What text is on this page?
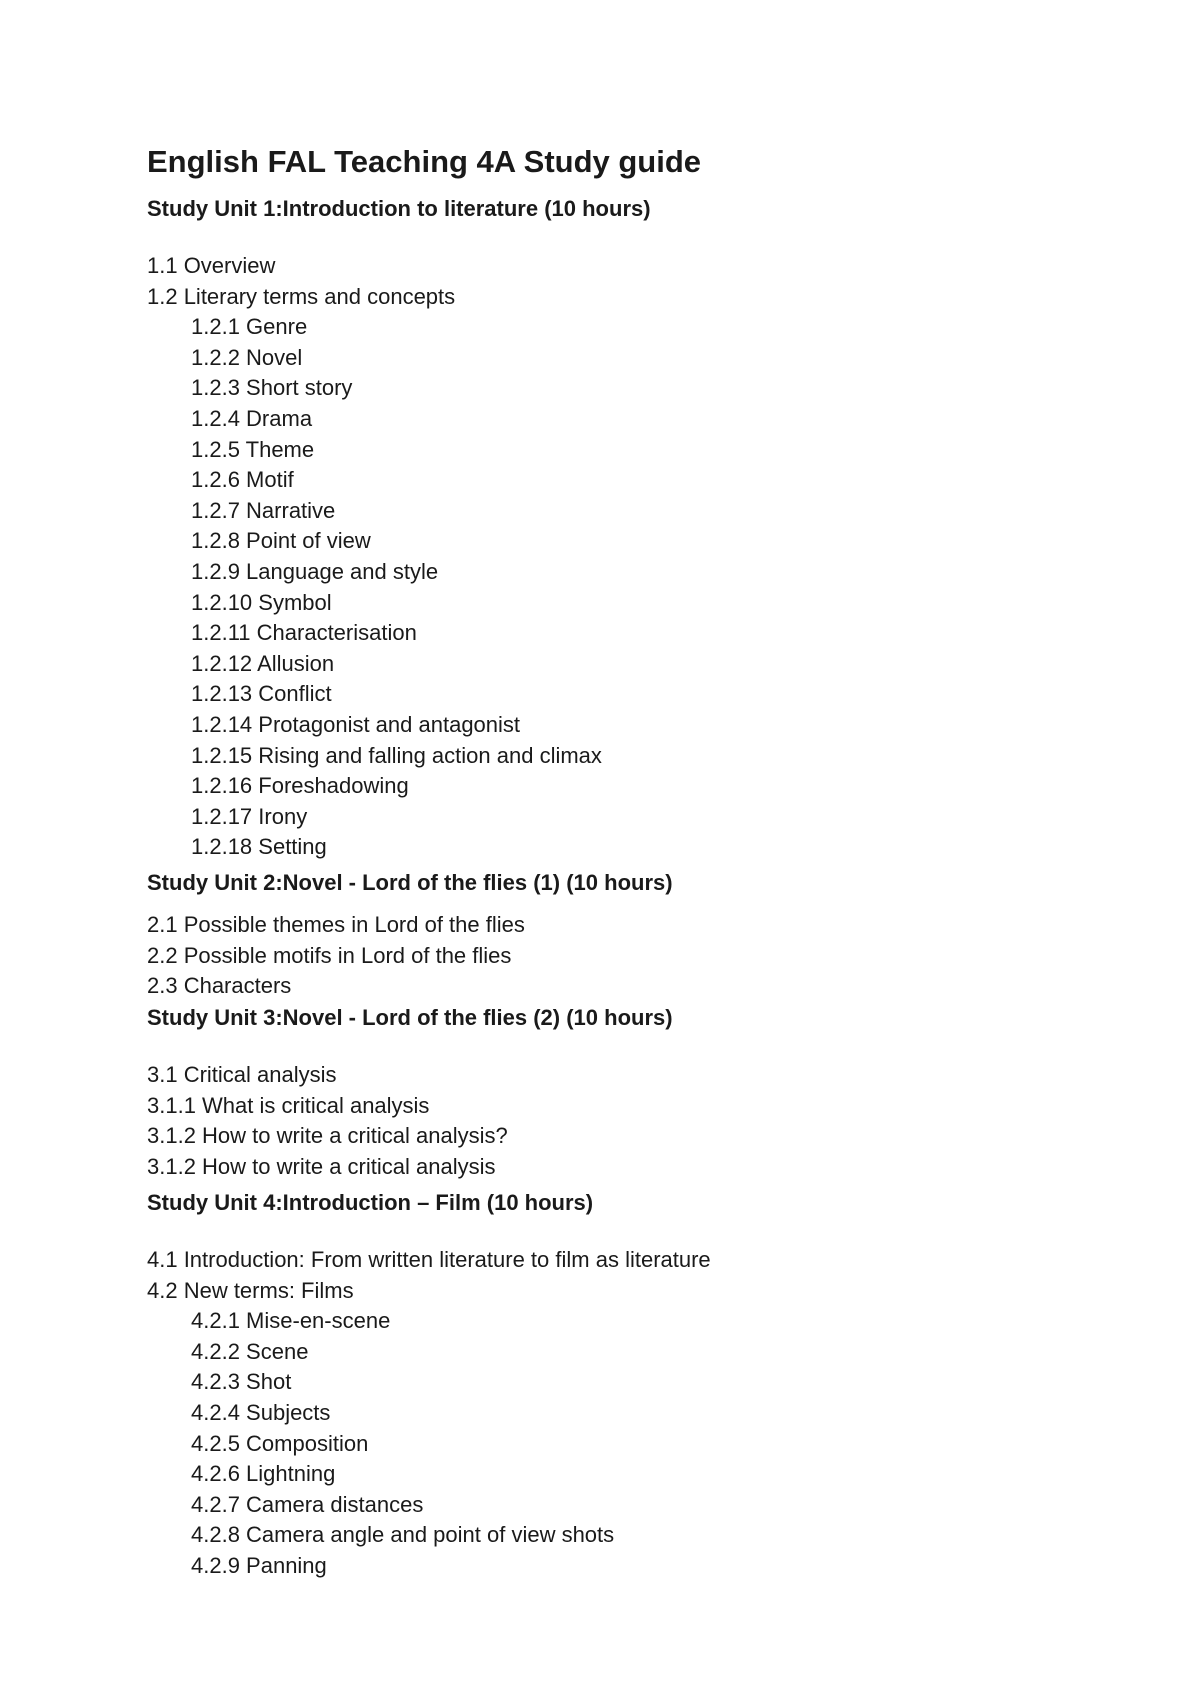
English FAL Teaching 4A Study guide
Study Unit 1:Introduction to literature (10 hours)

1.1 Overview

1.2 Literary terms and concepts

1.2.1 Genre

1.2.2 Novel

1.2.3 Short story

1.2.4 Drama

1.2.5 Theme

1.2.6 Motif

1.2.7 Narrative

1.2.8 Point of view

1.2.9 Language and style

1.2.10 Symbol

1.2.11 Characterisation

1.2.12 Allusion

1.2.13 Conflict

1.2.14 Protagonist and antagonist

1.2.15 Rising and falling action and climax

1.2.16 Foreshadowing

1.2.17 Irony

1.2.18 Setting

Study Unit 2:Novel - Lord of the flies (1) (10 hours)

2.1 Possible themes in Lord of the flies

2.2 Possible motifs in Lord of the flies

2.3 Characters

Study Unit 3:Novel - Lord of the flies (2) (10 hours)

3.1 Critical analysis

3.1.1 What is critical analysis

3.1.2 How to write a critical analysis?

3.1.2 How to write a critical analysis

Study Unit 4:Introduction – Film (10 hours)

4.1 Introduction: From written literature to film as literature

4.2 New terms: Films

4.2.1 Mise-en-scene

4.2.2 Scene

4.2.3 Shot

4.2.4 Subjects

4.2.5 Composition

4.2.6 Lightning

4.2.7 Camera distances

4.2.8 Camera angle and point of view shots

4.2.9 Panning
